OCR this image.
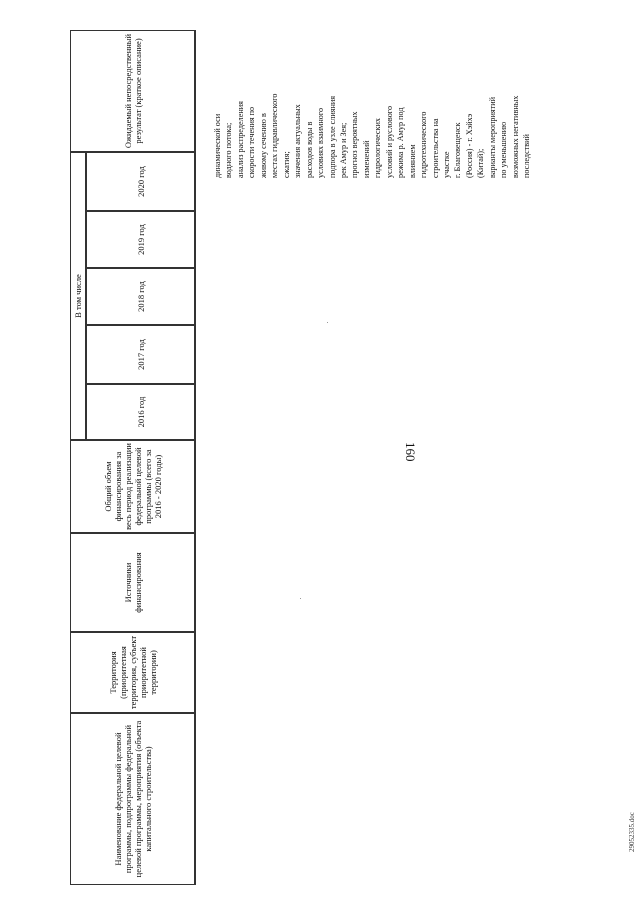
160
29052335.doc
Наименование федеральной целевой программы, подпрограммы федеральной целевой программы, мероприятия (объекта капитального строительства)
Территория (приоритетная территория, субъект приоритетной территории)
Источники финансирования
Общий объем финансирования за весь период реализации федеральной целевой программы (всего за 2016 - 2020 годы)
В том числе
2016 год
2017 год
2018 год
2019 год
2020 год
Ожидаемый непосредственный результат (краткое описание)
динамической оси водного потока; анализ распределения скорости течения по живому сечению в местах гидравлического сжатия; значения актуальных расходов воды в условиях взаимного подпора в узле слияния рек Амур и Зея; прогноз вероятных изменений гидрологических условий и руслового режима р. Амур под влиянием гидротехнического строительства на участке г. Благовещенск (Россия) - г. Хэйхэ (Китай); варианты мероприятий по уменьшению возможных негативных последствий
